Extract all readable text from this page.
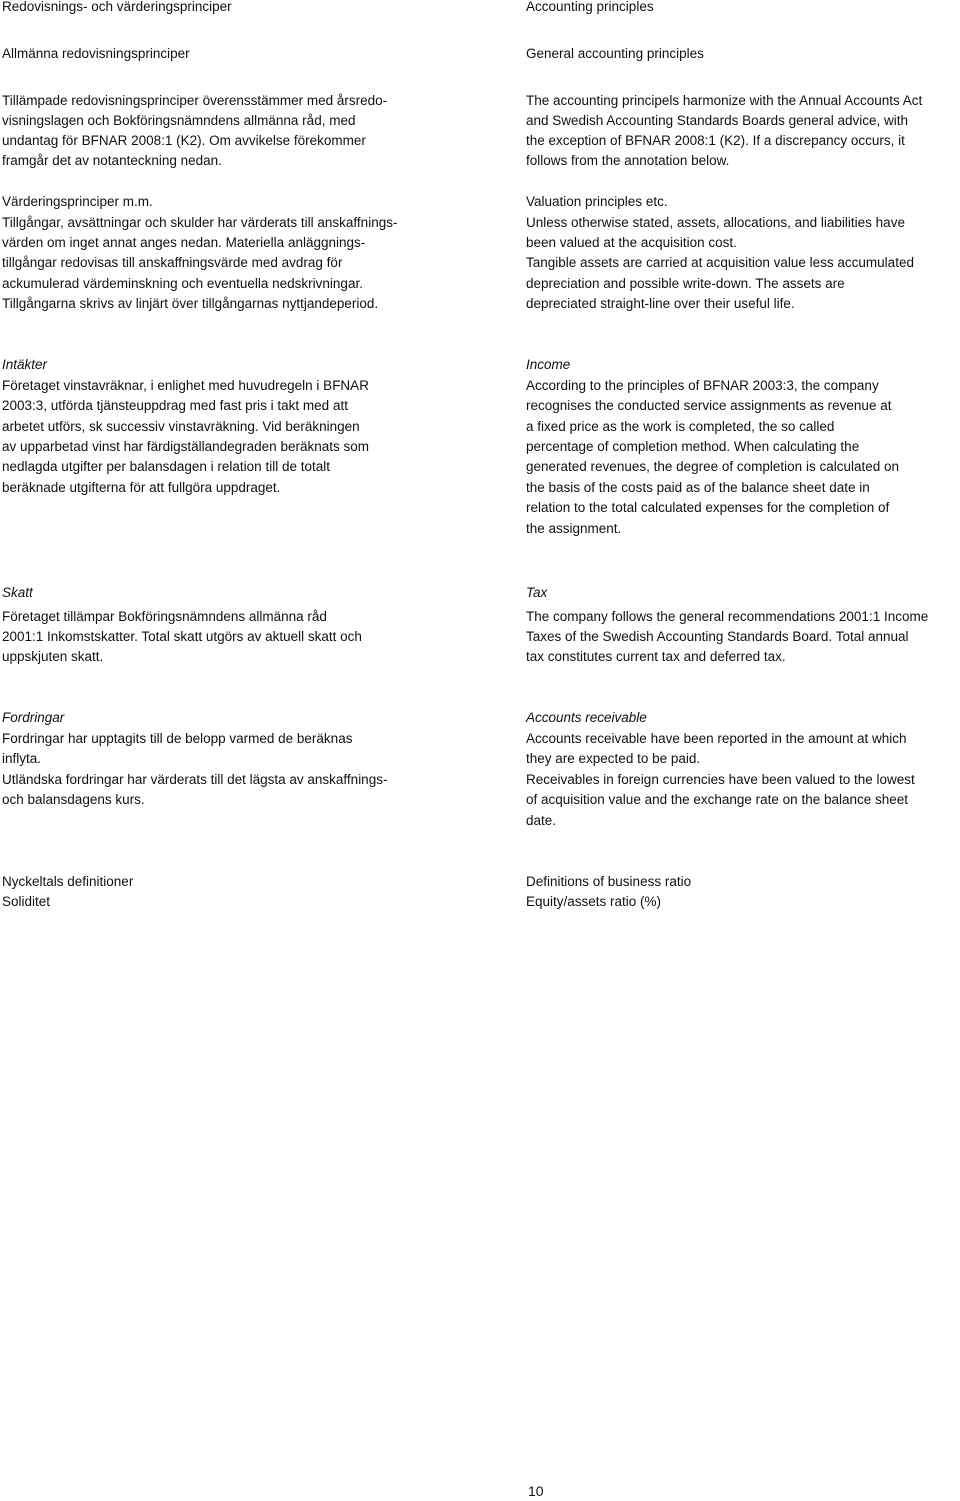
Redovisnings- och värderingsprinciper
Allmänna redovisningsprinciper
Tillämpade redovisningsprinciper överensstämmer med årsredo-
visningslagen och Bokföringsnämndens allmänna råd, med
undantag för BFNAR 2008:1 (K2). Om avvikelse förekommer
framgår det av notanteckning nedan.
Värderingsprinciper m.m.
Tillgångar, avsättningar och skulder har värderats till anskaffnings-
värden om inget annat anges nedan. Materiella anläggnings-
tillgångar redovisas till anskaffningsvärde med avdrag för
ackumulerad värdeminskning och eventuella nedskrivningar.
Tillgångarna skrivs av linjärt över tillgångarnas nyttjandeperiod.
Intäkter
Företaget vinstavräknar, i enlighet med huvudregeln i BFNAR
2003:3, utförda tjänsteuppdrag med fast pris i takt med att
arbetet utförs, sk successiv vinstavräkning. Vid beräkningen
av upparbetad vinst har färdigställandegraden beräknats som
nedlagda utgifter per balansdagen i relation till de totalt
beräknade utgifterna för att fullgöra uppdraget.
Skatt
Företaget tillämpar Bokföringsnämndens allmänna råd
2001:1 Inkomstskatter. Total skatt utgörs av aktuell skatt och
uppskjuten skatt.
Fordringar
Fordringar har upptagits till de belopp varmed de beräknas
inflyta.
Utländska fordringar har värderats till det lägsta av anskaffnings-
och balansdagens kurs.
Nyckeltals definitioner
Soliditet
Accounting principles
General accounting principles
The accounting principels harmonize with the Annual Accounts Act
and Swedish Accounting Standards Boards general advice, with
the exception of BFNAR 2008:1 (K2). If a discrepancy occurs, it
follows from the annotation below.
Valuation principles etc.
Unless otherwise stated, assets, allocations, and liabilities have
been valued at the acquisition cost.
Tangible assets are carried at acquisition value less accumulated
depreciation and possible write-down. The assets are
depreciated straight-line over their useful life.
Income
According to the principles of BFNAR 2003:3, the company
recognises the conducted service assignments as revenue at
a fixed price as the work is completed, the so called
percentage of completion method. When calculating the
generated revenues, the degree of completion is calculated on
the basis of the costs paid as of the balance sheet date in
relation to the total calculated expenses for the completion of
the assignment.
Tax
The company follows the general recommendations 2001:1 Income
Taxes of the Swedish Accounting Standards Board. Total annual
tax constitutes current tax and deferred tax.
Accounts receivable
Accounts receivable have been reported in the amount at which
they are expected to be paid.
Receivables in foreign currencies have been valued to the lowest
of acquisition value and the exchange rate on the balance sheet
date.
Definitions of business ratio
Equity/assets ratio (%)
10
